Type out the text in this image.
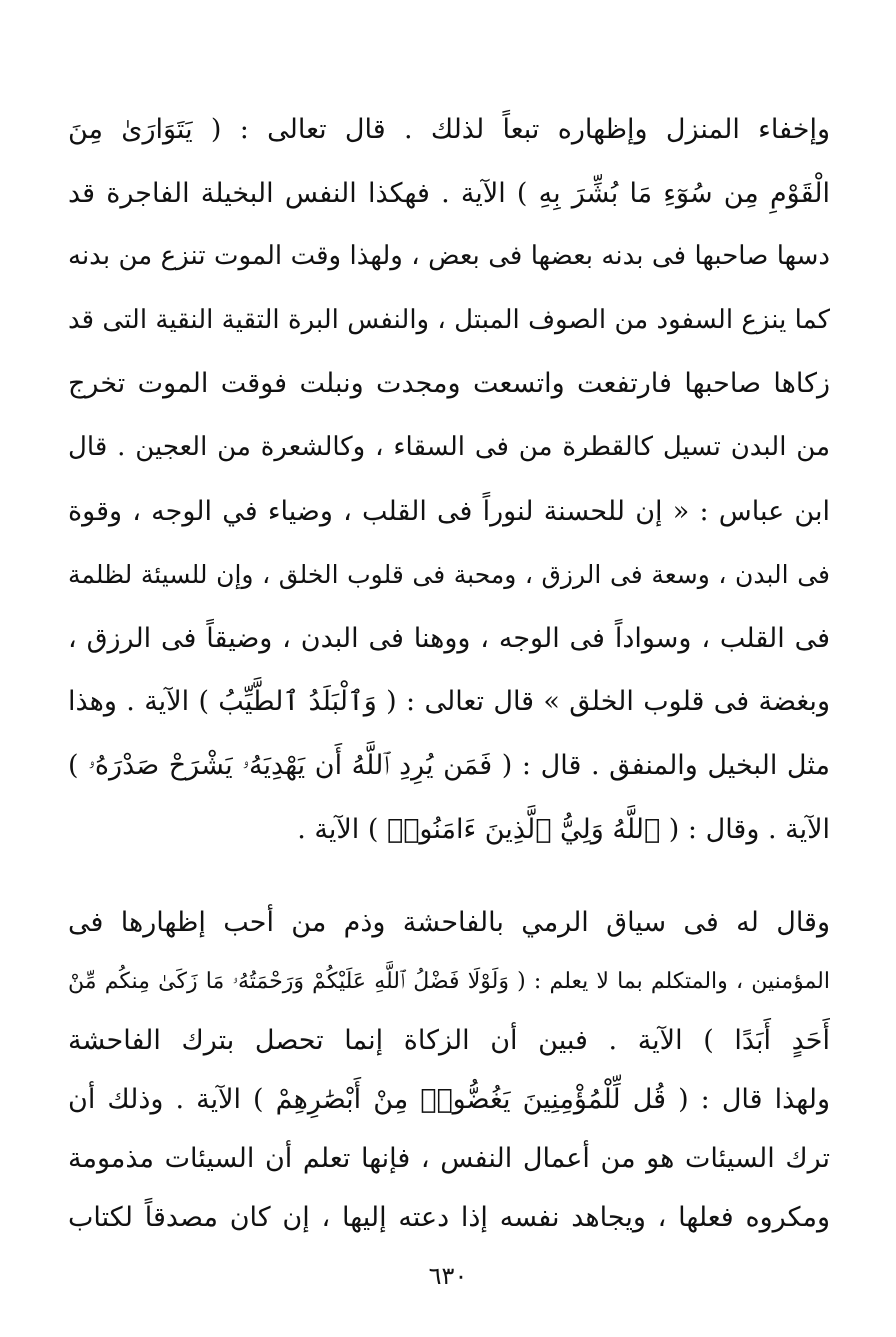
وإخفاء المنزل وإظهاره تبعاً لذلك . قال تعالى : ( يَتَوَارَىٰ مِنَ
الْقَوْمِ مِن سُوٓءِ مَا بُشِّرَ بِهِ ) الآية . فهكذا النفس البخيلة الفاجرة قد
دسها صاحبها فى بدنه بعضها فى بعض ، ولهذا وقت الموت تنزع من بدنه
كما ينزع السفود من الصوف المبتل ، والنفس البرة التقية النقية التى قد
زكاها صاحبها فارتفعت واتسعت ومجدت ونبلت فوقت الموت تخرج
من البدن تسيل كالقطرة من فى السقاء ، وكالشعرة من العجين . قال
ابن عباس : « إن للحسنة لنوراً فى القلب ، وضياء في الوجه ، وقوة
فى البدن ، وسعة فى الرزق ، ومحبة فى قلوب الخلق ، وإن للسيئة لظلمة
فى القلب ، وسواداً فى الوجه ، ووهنا فى البدن ، وضيقاً فى الرزق ،
وبغضة فى قلوب الخلق » قال تعالى : ( وَٱلْبَلَدُ ٱلطَّيِّبُ ) الآية . وهذا
مثل البخيل والمنفق . قال : ( فَمَن يُرِدِ ٱللَّهُ أَن يَهْدِيَهُۥ يَشْرَحْ صَدْرَهُۥ )
الآية . وقال : ( ٱللَّهُ وَلِيُّ ٱلَّذِينَ ءَامَنُوا۟ ) الآية .
وقال له فى سياق الرمي بالفاحشة وذم من أحب إظهارها فى
المؤمنين ، والمتكلم بما لا يعلم : ( وَلَوْلَا فَضْلُ ٱللَّهِ عَلَيْكُمْ وَرَحْمَتُهُۥ مَا زَكَىٰ مِنكُم مِّنْ
أَحَدٍ أَبَدًا ) الآية . فبين أن الزكاة إنما تحصل بترك الفاحشة
ولهذا قال : ( قُل لِّلْمُؤْمِنِينَ يَغُضُّوا۟ مِنْ أَبْصَٰرِهِمْ ) الآية . وذلك أن
ترك السيئات هو من أعمال النفس ، فإنها تعلم أن السيئات مذمومة
ومكروه فعلها ، ويجاهد نفسه إذا دعته إليها ، إن كان مصدقاً لكتاب
٦٣٠
